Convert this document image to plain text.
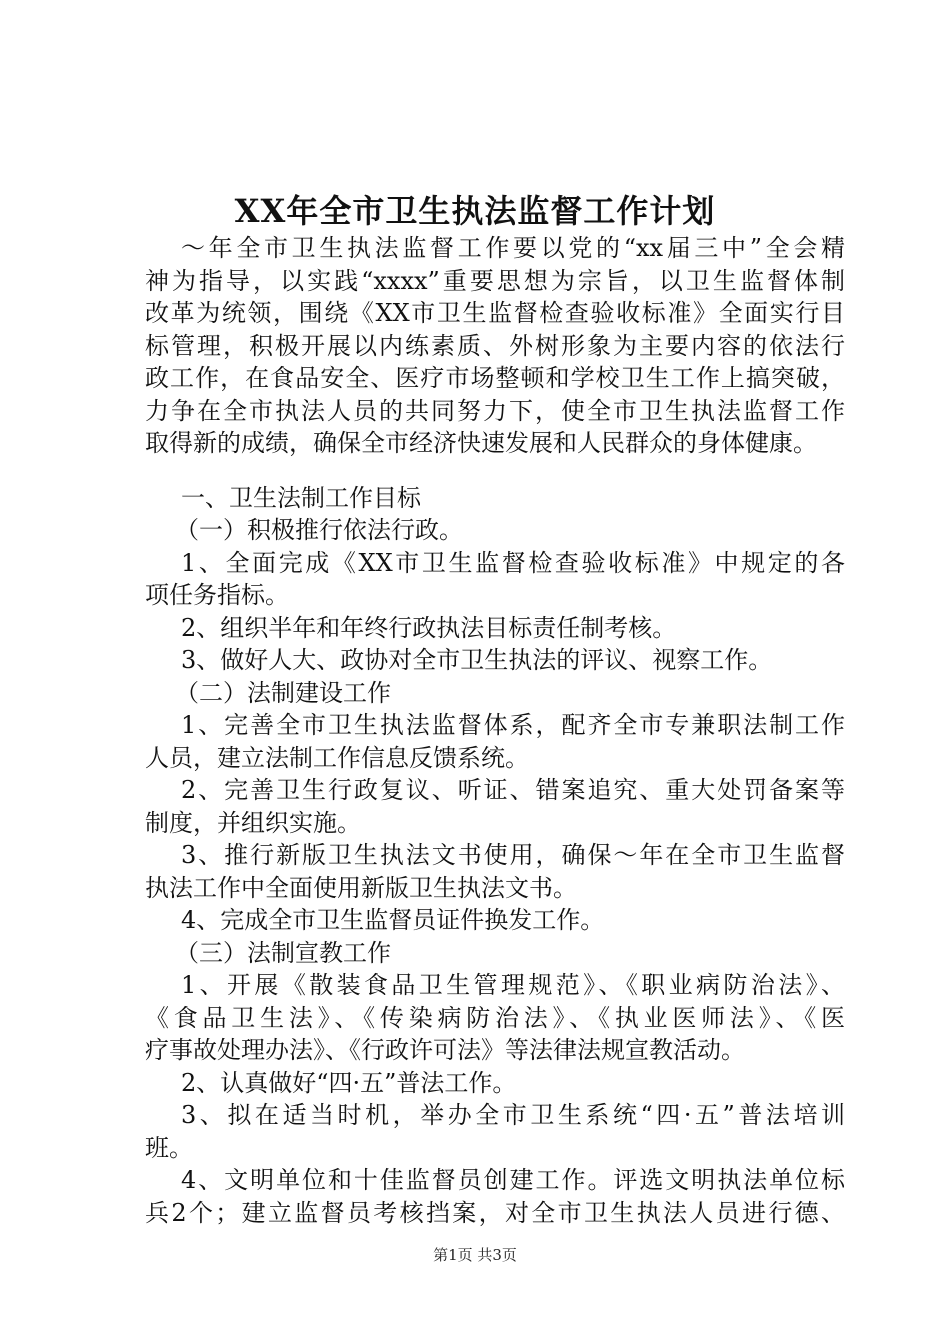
XX年全市卫生执法监督工作计划
～年全市卫生执法监督工作要以党的“xx届三中”全会精
神为指导，以实践“xxxx”重要思想为宗旨，以卫生监督体制
改革为统领，围绕《XX市卫生监督检查验收标准》全面实行目
标管理，积极开展以内练素质、外树形象为主要内容的依法行
政工作，在食品安全、医疗市场整顿和学校卫生工作上搞突破，
力争在全市执法人员的共同努力下，使全市卫生执法监督工作
取得新的成绩，确保全市经济快速发展和人民群众的身体健康。
一、卫生法制工作目标
（一）积极推行依法行政。
1、全面完成《XX市卫生监督检查验收标准》中规定的各
项任务指标。
2、组织半年和年终行政执法目标责任制考核。
3、做好人大、政协对全市卫生执法的评议、视察工作。
（二）法制建设工作
1、完善全市卫生执法监督体系，配齐全市专兼职法制工作
人员，建立法制工作信息反馈系统。
2、完善卫生行政复议、听证、错案追究、重大处罚备案等
制度，并组织实施。
3、推行新版卫生执法文书使用，确保～年在全市卫生监督
执法工作中全面使用新版卫生执法文书。
4、完成全市卫生监督员证件换发工作。
（三）法制宣教工作
1、开展《散装食品卫生管理规范》、《职业病防治法》、
《食品卫生法》、《传染病防治法》、《执业医师法》、《医
疗事故处理办法》、《行政许可法》等法律法规宣教活动。
2、认真做好“四·五”普法工作。
3、拟在适当时机，举办全市卫生系统“四·五”普法培训
班。
4、文明单位和十佳监督员创建工作。评选文明执法单位标
兵2个；建立监督员考核挡案，对全市卫生执法人员进行德、
第1页 共3页
